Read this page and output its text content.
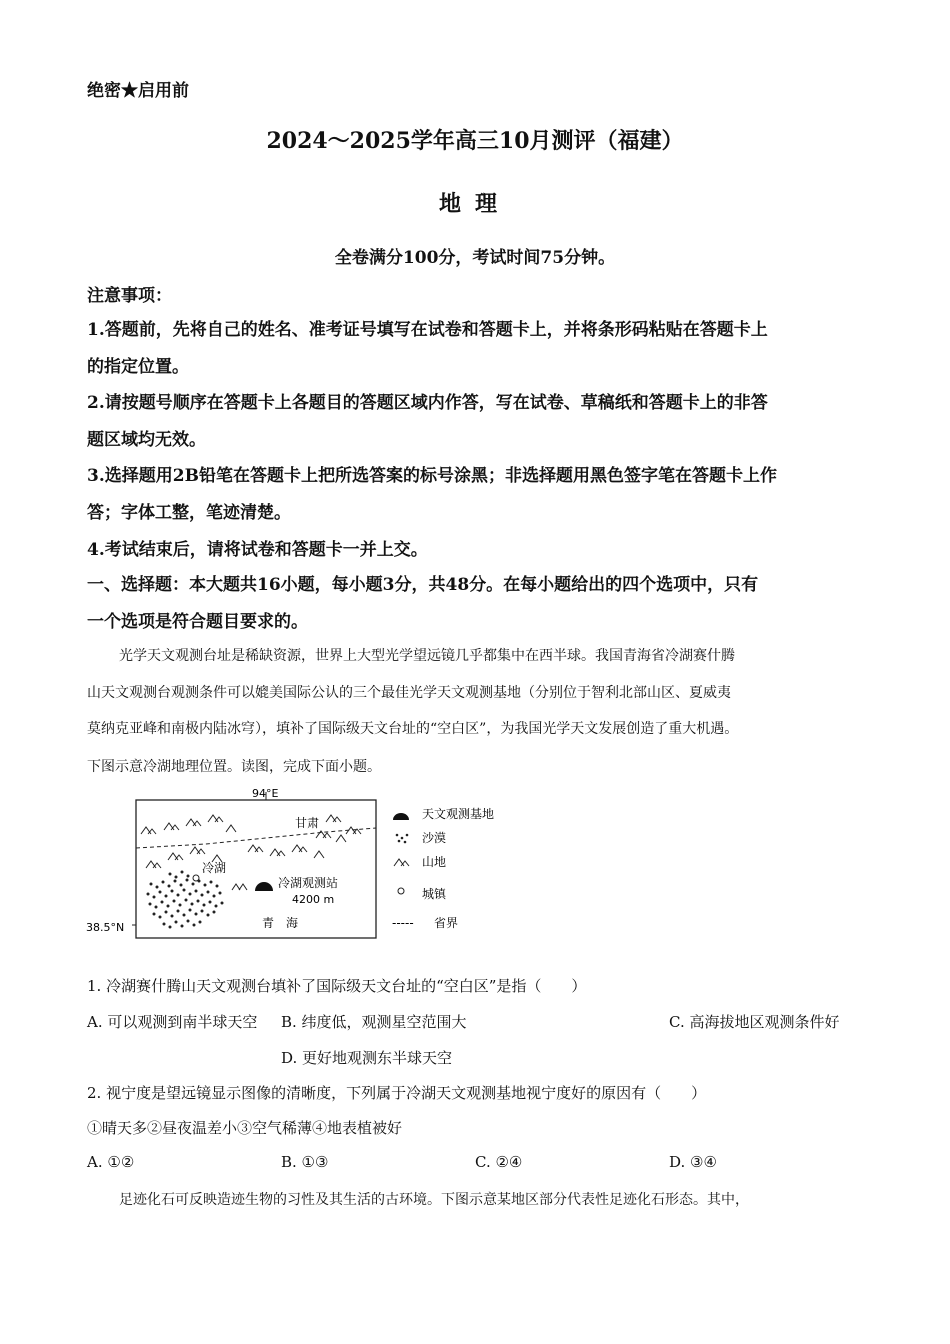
绝密★启用前
2024～2025学年高三10月测评（福建）
地理
全卷满分100分，考试时间75分钟。
注意事项：
1.答题前，先将自己的姓名、准考证号填写在试卷和答题卡上，并将条形码粘贴在答题卡上
的指定位置。
2.请按题号顺序在答题卡上各题目的答题区域内作答，写在试卷、草稿纸和答题卡上的非答
题区域均无效。
3.选择题用2B铅笔在答题卡上把所选答案的标号涂黑；非选择题用黑色签字笔在答题卡上作
答；字体工整，笔迹清楚。
4.考试结束后，请将试卷和答题卡一并上交。
一、选择题：本大题共16小题，每小题3分，共48分。在每小题给出的四个选项中，只有
一个选项是符合题目要求的。
光学天文观测台址是稀缺资源，世界上大型光学望远镜几乎都集中在西半球。我国青海省冷湖赛什腾
山天文观测台观测条件可以媲美国际公认的三个最佳光学天文观测基地（分别位于智利北部山区、夏威夷
莫纳克亚峰和南极内陆冰穹），填补了国际级天文台址的“空白区”，为我国光学天文发展创造了重大机遇。
下图示意冷湖地理位置。读图，完成下面小题。
94°E
38.5°N
冷湖
甘肃
冷湖观测站
4200 m
青　海
天文观测基地
沙漠
山地
城镇
----- 省界
1. 冷湖赛什腾山天文观测台填补了国际级天文台址的“空白区”是指（　　）
A. 可以观测到南半球天空 B. 纬度低，观测星空范围大	C. 高海拔地区观测条件好
D. 更好地观测东半球天空
2. 视宁度是望远镜显示图像的清晰度，下列属于冷湖天文观测基地视宁度好的原因有（　　）
①晴天多②昼夜温差小③空气稀薄④地表植被好
A. ①②	B. ①③	C. ②④	D. ③④
足迹化石可反映造迹生物的习性及其生活的古环境。下图示意某地区部分代表性足迹化石形态。其中，
